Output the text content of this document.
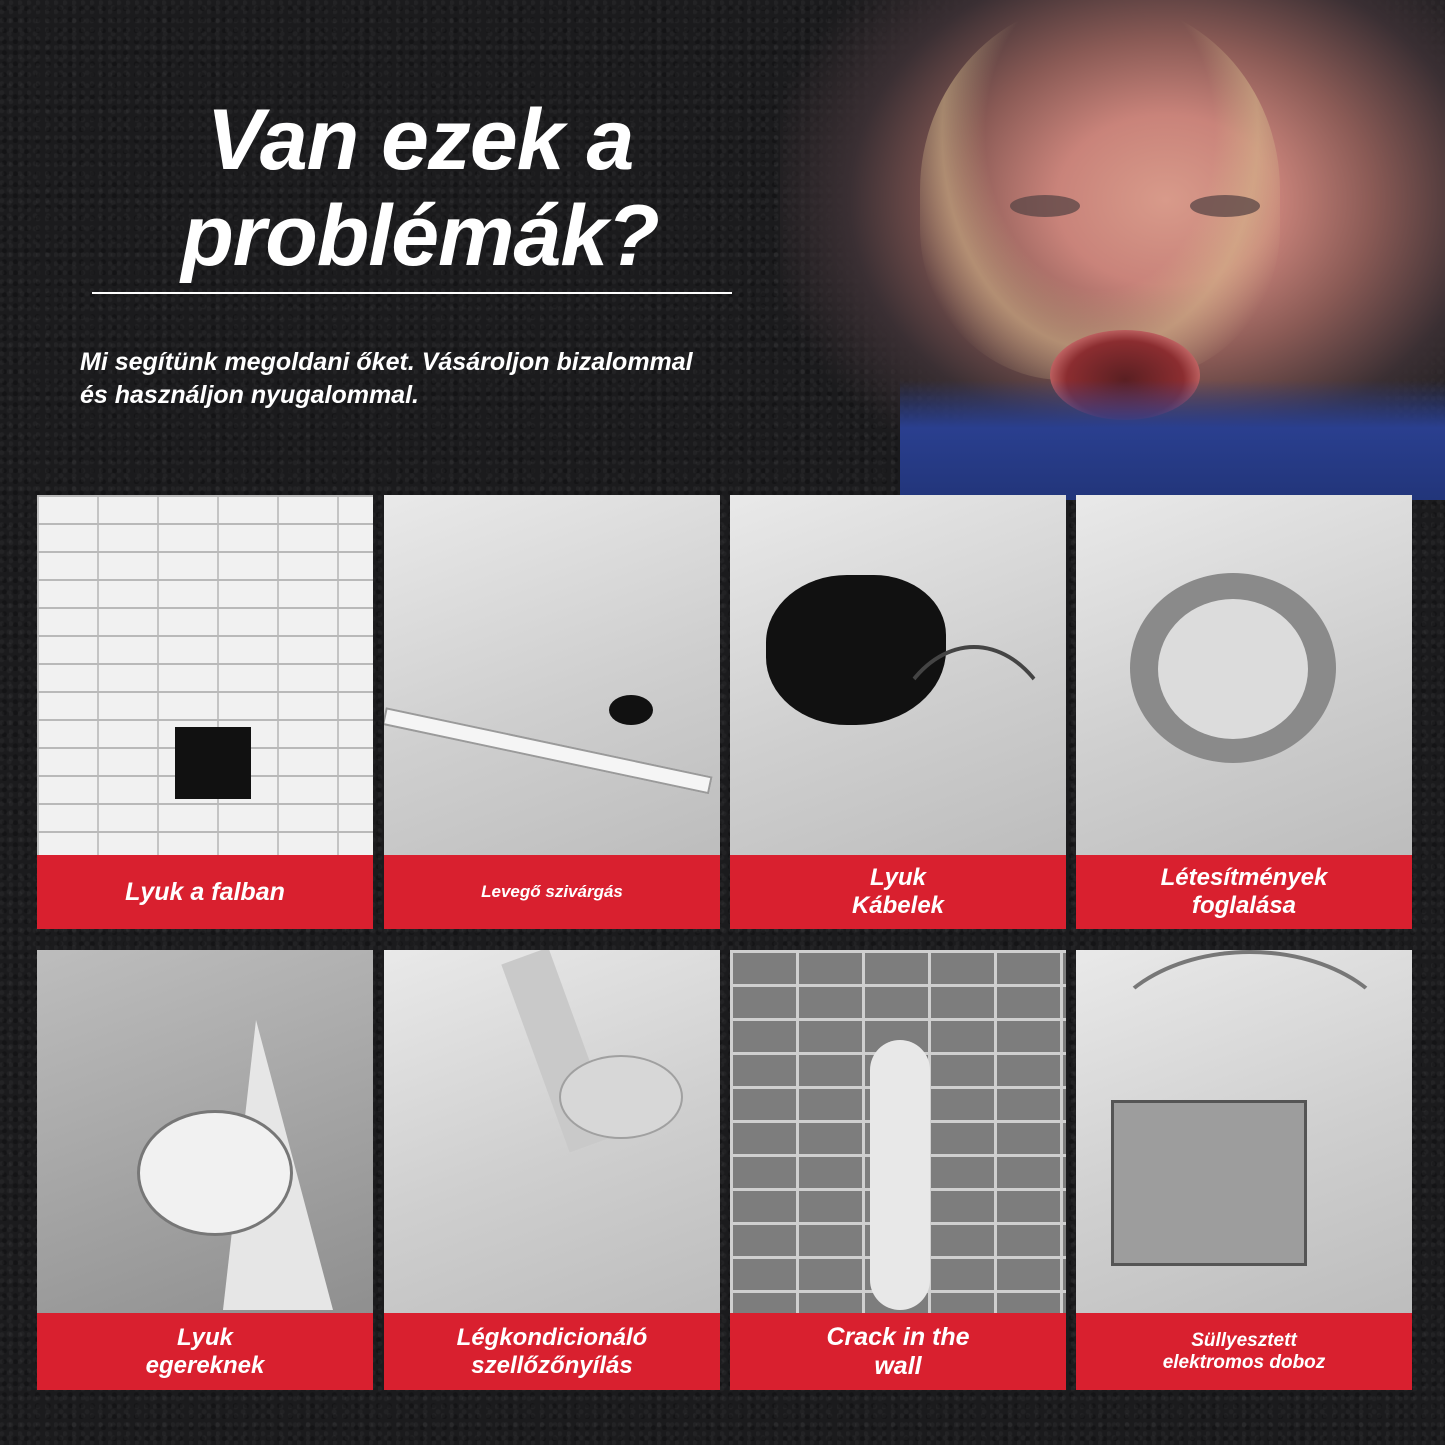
Van ezek a
problémák?
Mi segítünk megoldani őket. Vásároljon bizalommal
és használjon nyugalommal.
Lyuk a falban	Levegő szivárgás
Lyuk
Kábelek
Létesítmények
foglalása
Lyuk
egereknek
Légkondicionáló
szellőzőnyílás
Crack in the
wall
Süllyesztett
elektromos doboz
